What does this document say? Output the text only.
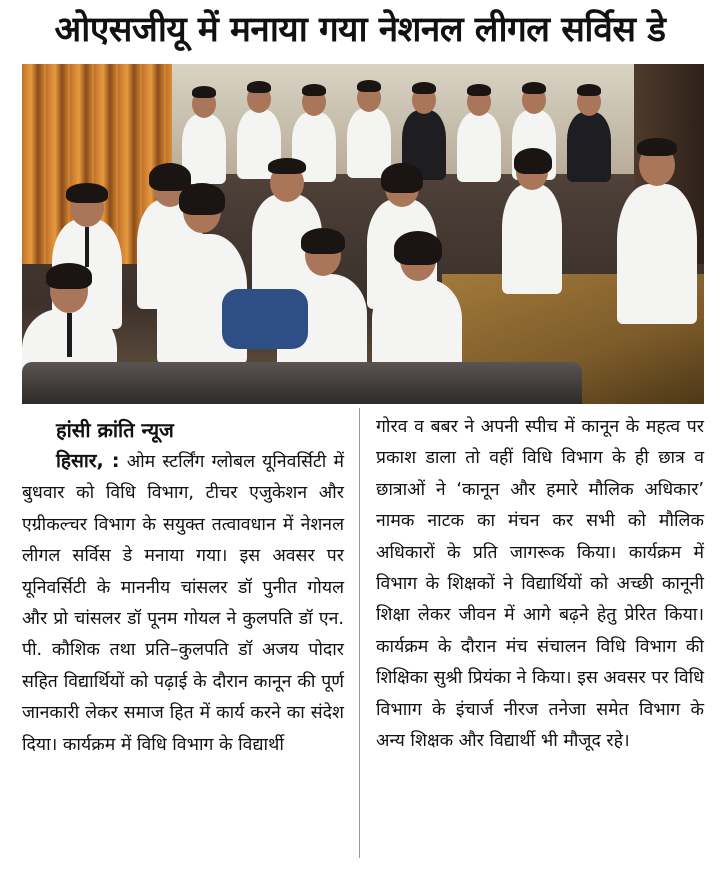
ओएसजीयू में मनाया गया नेशनल लीगल सर्विस डे
हांसी क्रांति न्यूज

हिसार, : ओम स्टर्लिंग ग्लोबल यूनिवर्सिटी में बुधवार को विधि विभाग, टीचर एजुकेशन और एग्रीकल्चर विभाग के सयुक्त तत्वावधान में नेशनल लीगल सर्विस डे मनाया गया। इस अवसर पर यूनिवर्सिटी के माननीय चांसलर डॉ पुनीत गोयल और प्रो चांसलर डॉ पूनम गोयल ने कुलपति डॉ एन. पी. कौशिक तथा प्रति–कुलपति डॉ अजय पोदार सहित विद्यार्थियों को पढ़ाई के दौरान कानून की पूर्ण जानकारी लेकर समाज हित में कार्य करने का संदेश दिया। कार्यक्रम में विधि विभाग के विद्यार्थी

गोरव व बबर ने अपनी स्पीच में कानून के महत्व पर प्रकाश डाला तो वहीं विधि विभाग के ही छात्र व छात्राओं ने ‘कानून और हमारे मौलिक अधिकार’ नामक नाटक का मंचन कर सभी को मौलिक अधिकारों के प्रति जागरूक किया। कार्यक्रम में विभाग के शिक्षकों ने विद्यार्थियों को अच्छी कानूनी शिक्षा लेकर जीवन में आगे बढ़ने हेतु प्रेरित किया। कार्यक्रम के दौरान मंच संचालन विधि विभाग की शिक्षिका सुश्री प्रियंका ने किया। इस अवसर पर विधि विभााग के इंचार्ज नीरज तनेजा समेत विभाग के अन्य शिक्षक और विद्यार्थी भी मौजूद रहे।
